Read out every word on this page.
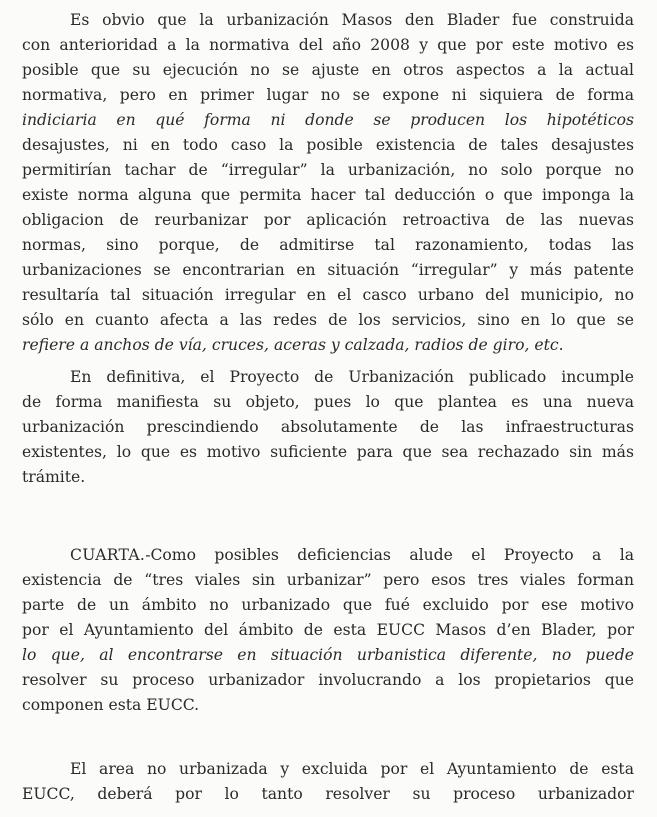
Es obvio que la urbanización Masos den Blader fue construida
con anterioridad a la normativa del año 2008 y que por este motivo es
posible que su ejecución no se ajuste en otros aspectos a la actual
normativa, pero en primer lugar no se expone ni siquiera de forma
indiciaria en qué forma ni donde se producen los hipotéticos
desajustes, ni en todo caso la posible existencia de tales desajustes
permitirían tachar de “irregular” la urbanización, no solo porque no
existe norma alguna que permita hacer tal deducción o que imponga la
obligacion de reurbanizar por aplicación retroactiva de las nuevas
normas, sino porque, de admitirse tal razonamiento, todas las
urbanizaciones se encontrarian en situación “irregular” y más patente
resultaría tal situación irregular en el casco urbano del municipio, no
sólo en cuanto afecta a las redes de los servicios, sino en lo que se
refiere a anchos de vía, cruces, aceras y calzada, radios de giro, etc.
En definitiva, el Proyecto de Urbanización publicado incumple
de forma manifiesta su objeto, pues lo que plantea es una nueva
urbanización prescindiendo absolutamente de las infraestructuras
existentes, lo que es motivo suficiente para que sea rechazado sin más
trámite.
CUARTA.-Como posibles deficiencias alude el Proyecto a la
existencia de “tres viales sin urbanizar” pero esos tres viales forman
parte de un ámbito no urbanizado que fué excluido por ese motivo
por el Ayuntamiento del ámbito de esta EUCC Masos d’en Blader, por
lo que, al encontrarse en situación urbanistica diferente, no puede
resolver su proceso urbanizador involucrando a los propietarios que
componen esta EUCC.
El area no urbanizada y excluida por el Ayuntamiento de esta
EUCC, deberá por lo tanto resolver su proceso urbanizador
